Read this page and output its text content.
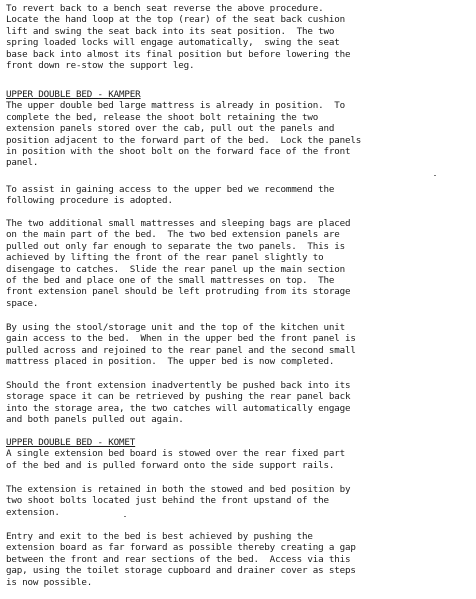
To revert back to a bench seat reverse the above procedure.
Locate the hand loop at the top (rear) of the seat back cushion
lift and swing the seat back into its seat position.  The two
spring loaded locks will engage automatically,  swing the seat
base back into almost its final position but before lowering the
front down re-stow the support leg.

UPPER DOUBLE BED - KAMPER
The upper double bed large mattress is already in position.  To
complete the bed, release the shoot bolt retaining the two
extension panels stored over the cab, pull out the panels and
position adjacent to the forward part of the bed.  Lock the panels
in position with the shoot bolt on the forward face of the front
panel.

To assist in gaining access to the upper bed we recommend the
following procedure is adopted.

The two additional small mattresses and sleeping bags are placed
on the main part of the bed.  The two bed extension panels are
pulled out only far enough to separate the two panels.  This is
achieved by lifting the front of the rear panel slightly to
disengage to catches.  Slide the rear panel up the main section
of the bed and place one of the small mattresses on top.  The
front extension panel should be left protruding from its storage
space.

By using the stool/storage unit and the top of the kitchen unit
gain access to the bed.  When in the upper bed the front panel is
pulled across and rejoined to the rear panel and the second small
mattress placed in position.  The upper bed is now completed.

Should the front extension inadvertently be pushed back into its
storage space it can be retrieved by pushing the rear panel back
into the storage area, the two catches will automatically engage
and both panels pulled out again.

UPPER DOUBLE BED - KOMET
A single extension bed board is stowed over the rear fixed part
of the bed and is pulled forward onto the side support rails.

The extension is retained in both the stowed and bed position by
two shoot bolts located just behind the front upstand of the
extension.

Entry and exit to the bed is best achieved by pushing the
extension board as far forward as possible thereby creating a gap
between the front and rear sections of the bed.  Access via this
gap, using the toilet storage cupboard and drainer cover as steps
is now possible.
